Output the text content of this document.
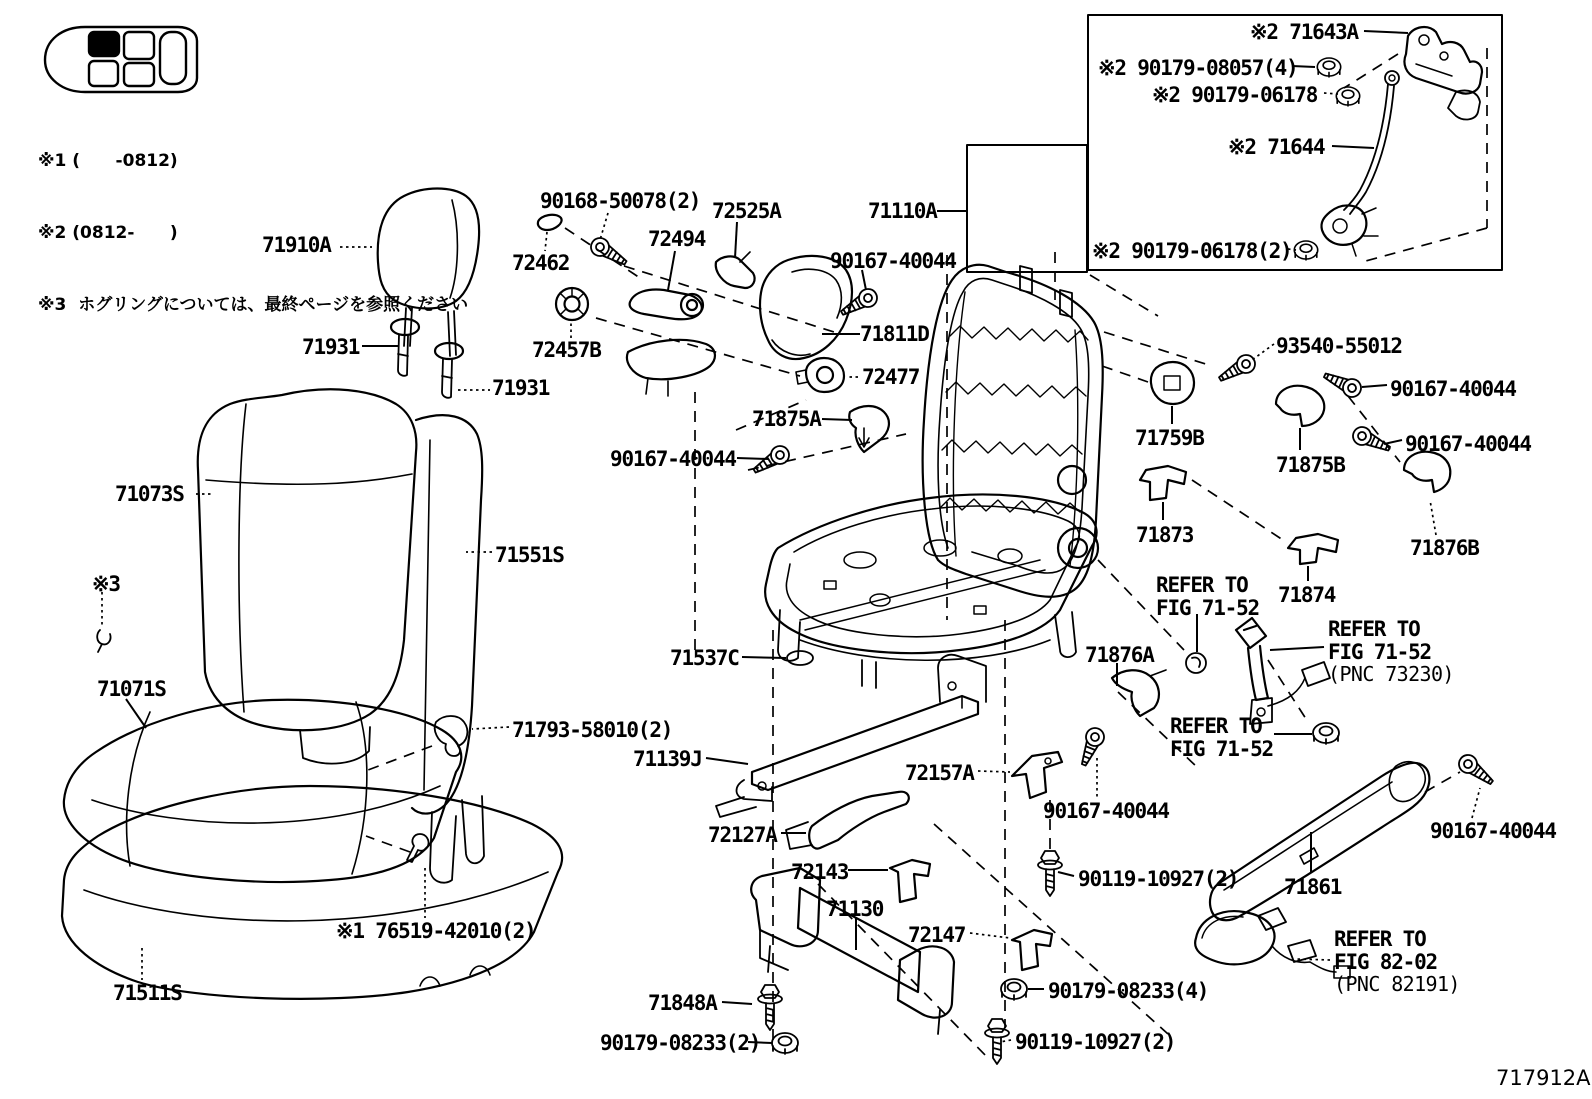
※1 (      -0812)

※2 (0812-      )

※3  ホグリングについては、最終ページを参照ください

71910A
71931
71931
90168-50078(2)
72462
72494
72525A
72457B
90167-40044
71110A
71811D
72477
71875A
90167-40044
71073S
71551S
※3
71071S
71793-58010(2)
71537C
71139J
72157A
72127A
72143
71130
72147
71848A
90179-08233(2)
※1 76519-42010(2)
71511S
90119-10927(2)
90179-08233(4)
90119-10927(2)
90167-40044
93540-55012
90167-40044
71759B
71875B
90167-40044
71873
71876B
71874
71876A
REFER TO
FIG 71-52
REFER TO
FIG 71-52
(PNC 73230)
REFER TO
FIG 71-52
71861
REFER TO
FIG 82-02
(PNC 82191)
90167-40044
※2 71643A
※2 90179-08057(4)
※2 90179-06178
※2 71644
※2 90179-06178(2)
717912A
